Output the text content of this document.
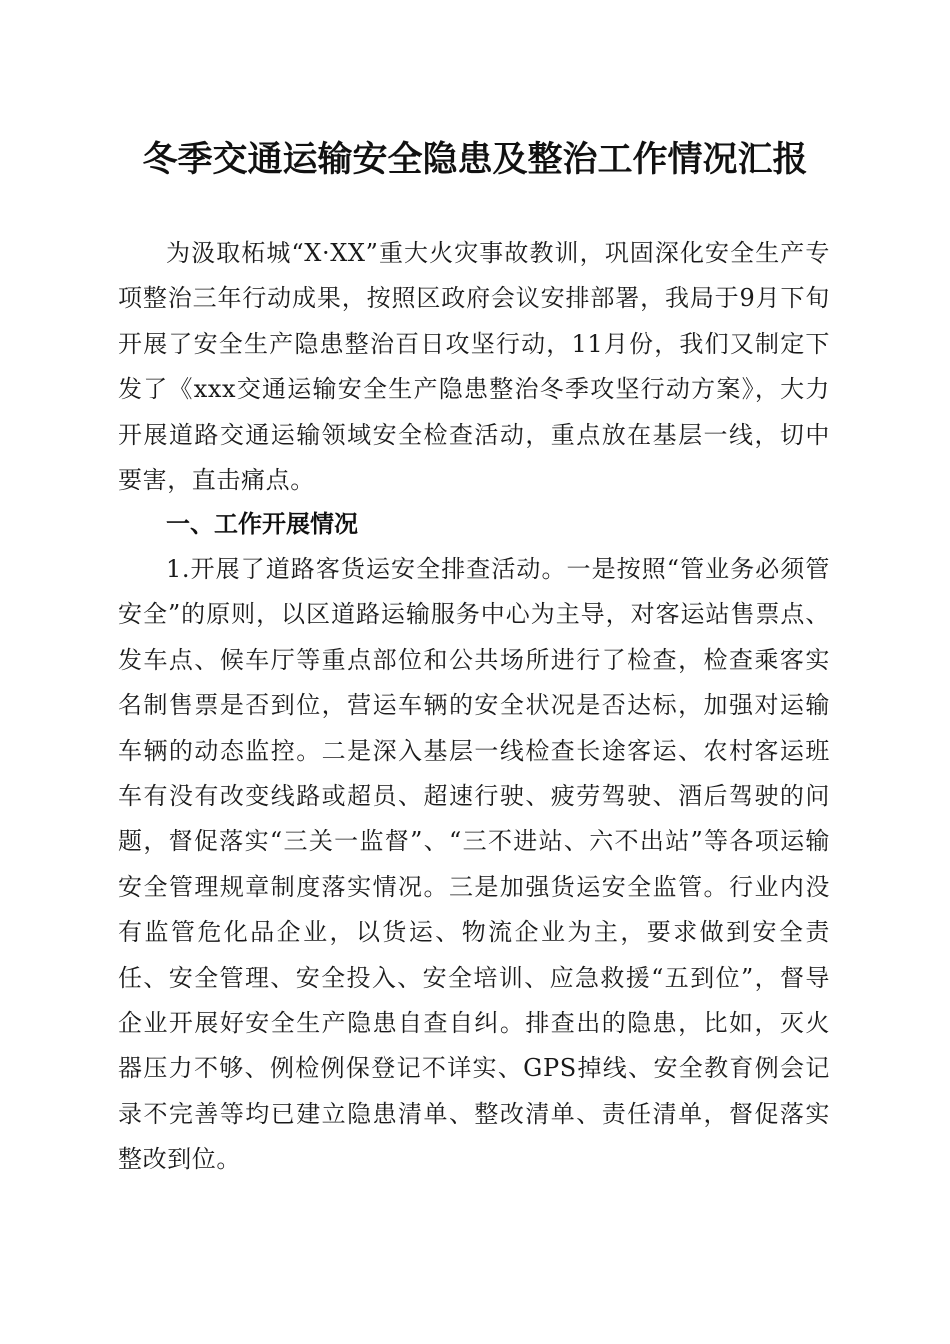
冬季交通运输安全隐患及整治工作情况汇报

为汲取柘城“X·XX”重大火灾事故教训，巩固深化安全生产专项整治三年行动成果，按照区政府会议安排部署，我局于9月下旬开展了安全生产隐患整治百日攻坚行动，11月份，我们又制定下发了《xxx交通运输安全生产隐患整治冬季攻坚行动方案》，大力开展道路交通运输领域安全检查活动，重点放在基层一线，切中要害，直击痛点。

一、工作开展情况

1.开展了道路客货运安全排查活动。一是按照“管业务必须管安全”的原则，以区道路运输服务中心为主导，对客运站售票点、发车点、候车厅等重点部位和公共场所进行了检查，检查乘客实名制售票是否到位，营运车辆的安全状况是否达标，加强对运输车辆的动态监控。二是深入基层一线检查长途客运、农村客运班车有没有改变线路或超员、超速行驶、疲劳驾驶、酒后驾驶的问题，督促落实“三关一监督”、“三不进站、六不出站”等各项运输安全管理规章制度落实情况。三是加强货运安全监管。行业内没有监管危化品企业，以货运、物流企业为主，要求做到安全责任、安全管理、安全投入、安全培训、应急救援“五到位”，督导企业开展好安全生产隐患自查自纠。排查出的隐患，比如，灭火器压力不够、例检例保登记不详实、GPS掉线、安全教育例会记录不完善等均已建立隐患清单、整改清单、责任清单，督促落实整改到位。
